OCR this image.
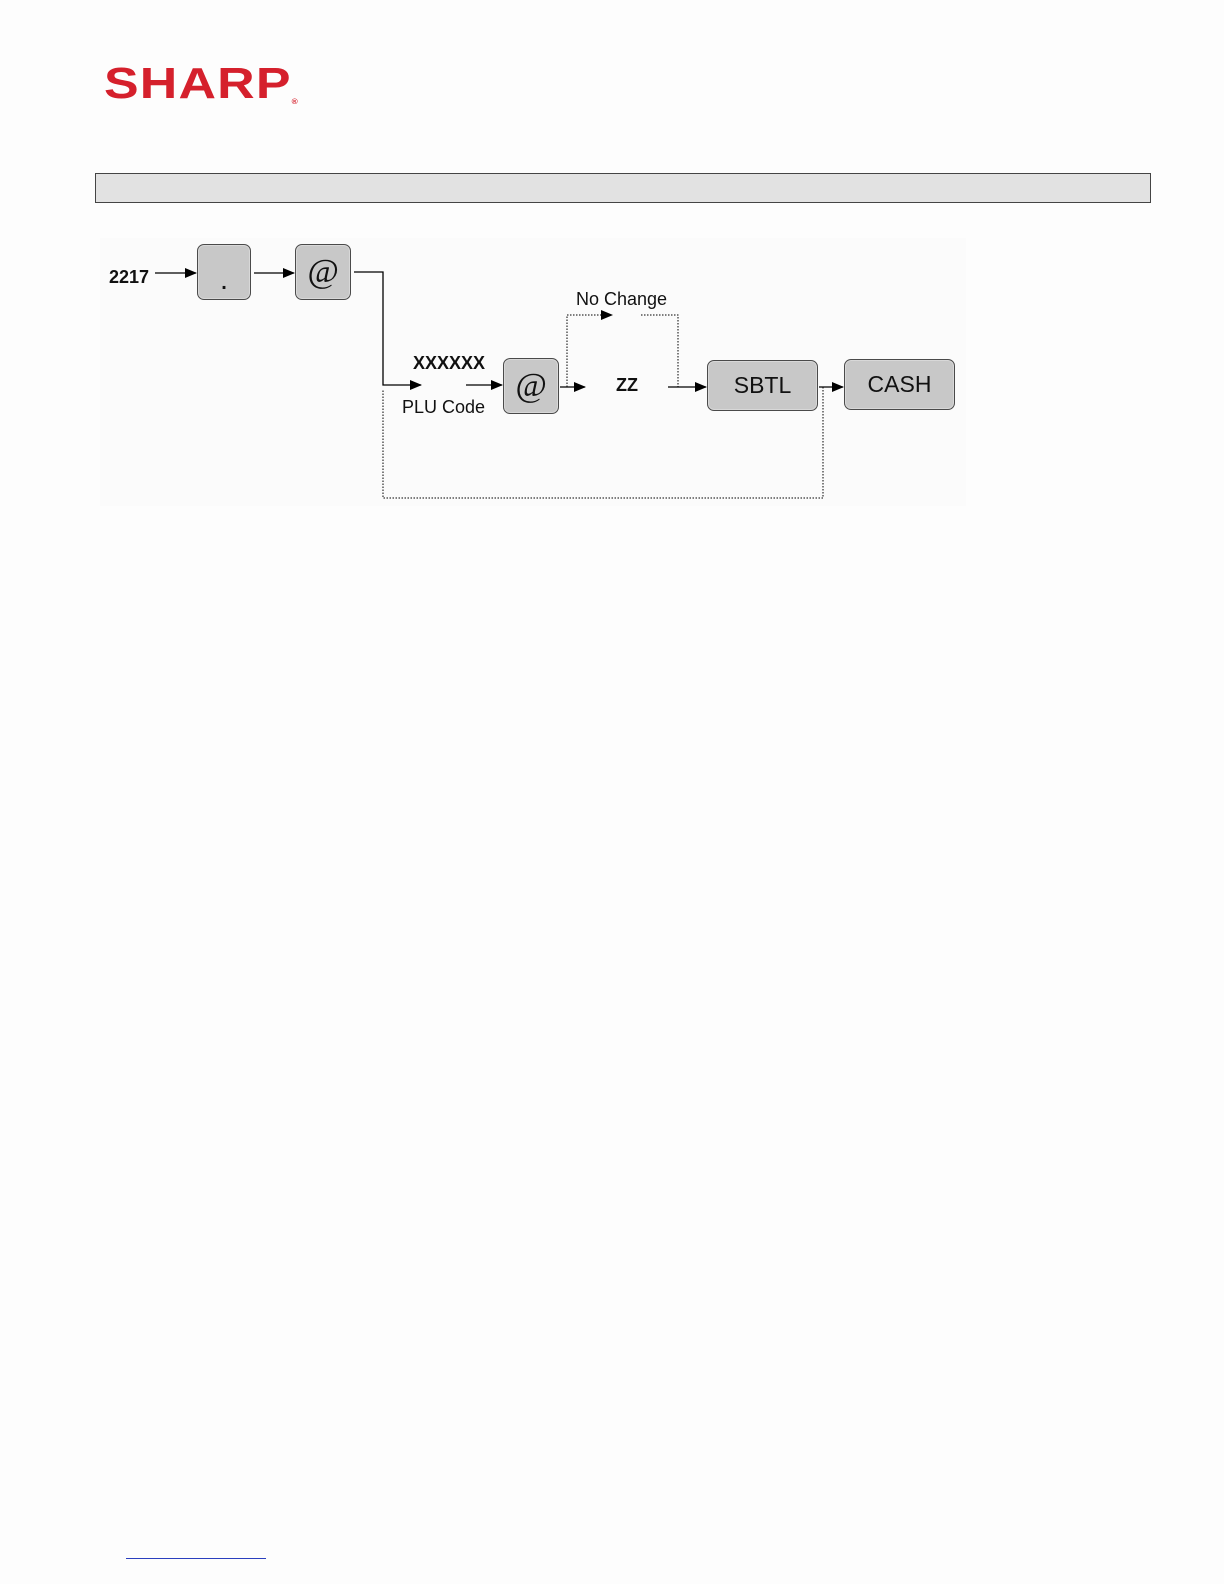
SHARP®
2217	. @
XXXXXX
PLU Code
@
No Change
ZZ	SBTL	CASH
